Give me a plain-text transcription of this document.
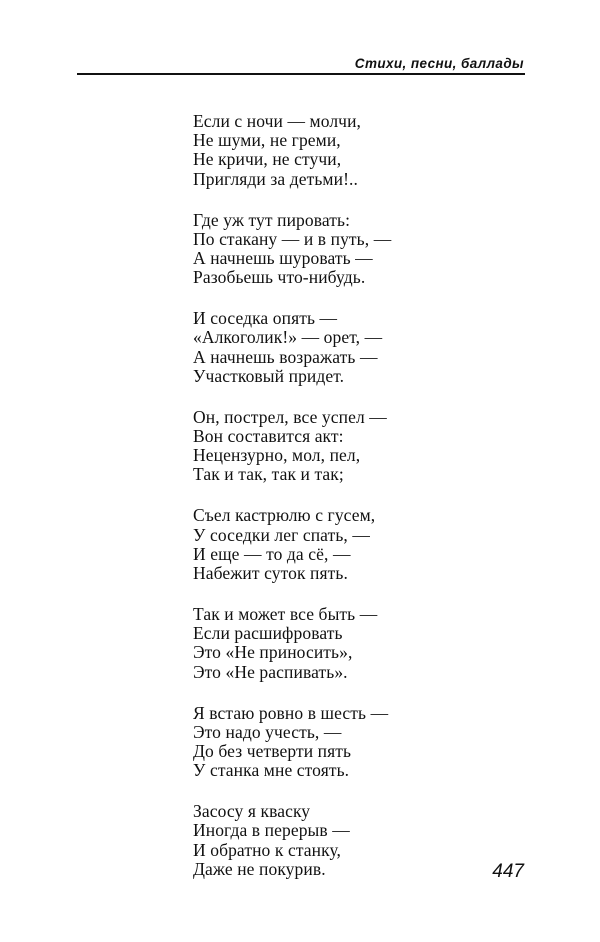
Стихи, песни, баллады
Если с ночи — молчи,
Не шуми, не греми,
Не кричи, не стучи,
Пригляди за детьми!..
Где уж тут пировать:
По стакану — и в путь, —
А начнешь шуровать —
Разобьешь что-нибудь.
И соседка опять —
«Алкоголик!» — орет, —
А начнешь возражать —
Участковый придет.
Он, пострел, все успел —
Вон составится акт:
Нецензурно, мол, пел,
Так и так, так и так;
Съел кастрюлю с гусем,
У соседки лег спать, —
И еще — то да сё, —
Набежит суток пять.
Так и может все быть —
Если расшифровать
Это «Не приносить»,
Это «Не распивать».
Я встаю ровно в шесть —
Это надо учесть, —
До без четверти пять
У станка мне стоять.
Засосу я кваску
Иногда в перерыв —
И обратно к станку,
Даже не покурив.	447
